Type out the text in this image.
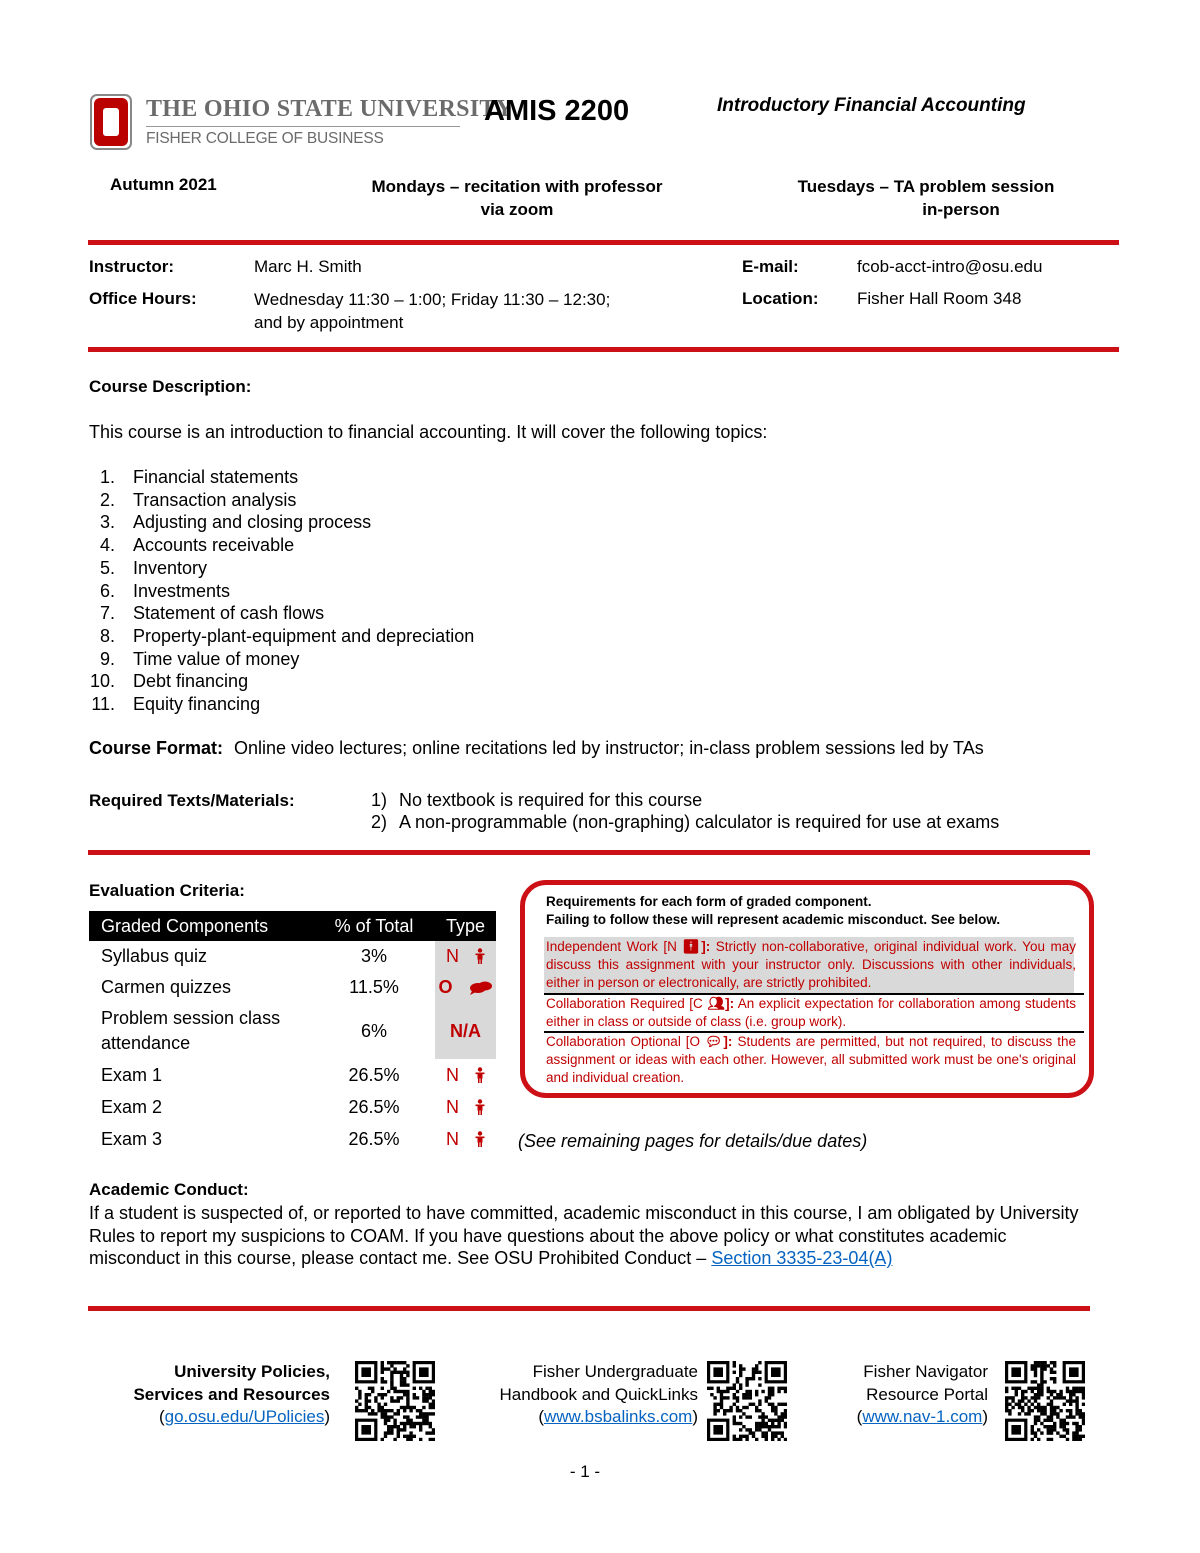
THE OHIO STATE UNIVERSITY
FISHER COLLEGE OF BUSINESS
AMIS 2200	Introductory Financial Accounting
Autumn 2021	Mondays – recitation with professor
via zoom
Tuesdays – TA problem session
in-person
Instructor:	Marc H. Smith	E-mail:	fcob-acct-intro@osu.edu
Office Hours:	Wednesday 11:30 – 1:00; Friday 11:30 – 12:30;
and by appointment
Location: Fisher Hall Room 348
Course Description:
This course is an introduction to financial accounting. It will cover the following topics:
1. Financial statements
2. Transaction analysis
3. Adjusting and closing process
4. Accounts receivable
5. Inventory
6. Investments
7. Statement of cash flows
8. Property-plant-equipment and depreciation
9. Time value of money
10. Debt financing
11. Equity financing
Course Format: Online video lectures; online recitations led by instructor; in-class problem sessions led by TAs
Required Texts/Materials:	1) No textbook is required for this course
2) A non-programmable (non-graphing) calculator is required for use at exams
Evaluation Criteria:
Graded Components	% of Total	Type
Syllabus quiz	3%	N
Carmen quizzes	11.5%	O
Problem session class attendance	6%	N/A
Exam 1	26.5%	N
Exam 2	26.5%	N
Exam 3	26.5%	N
Requirements for each form of graded component.
Failing to follow these will represent academic misconduct. See below.
Independent Work [N 🚹︎]: Strictly non-collaborative, original individual work. You may discuss this assignment with your instructor only. Discussions with other individuals, either in person or electronically, are strictly prohibited.
Collaboration Required [C 👥︎]: An explicit expectation for collaboration among students either in class or outside of class (i.e. group work).
Collaboration Optional [O 💬︎]: Students are permitted, but not required, to discuss the assignment or ideas with each other. However, all submitted work must be one's original and individual creation.
(See remaining pages for details/due dates)
Academic Conduct:
If a student is suspected of, or reported to have committed, academic misconduct in this course, I am obligated by University Rules to report my suspicions to COAM. If you have questions about the above policy or what constitutes academic misconduct in this course, please contact me. See OSU Prohibited Conduct – Section 3335-23-04(A)
University Policies,
Services and Resources
(go.osu.edu/UPolicies)
Fisher Undergraduate
Handbook and QuickLinks
(www.bsbalinks.com)
Fisher Navigator
Resource Portal
(www.nav-1.com)
- 1 -
